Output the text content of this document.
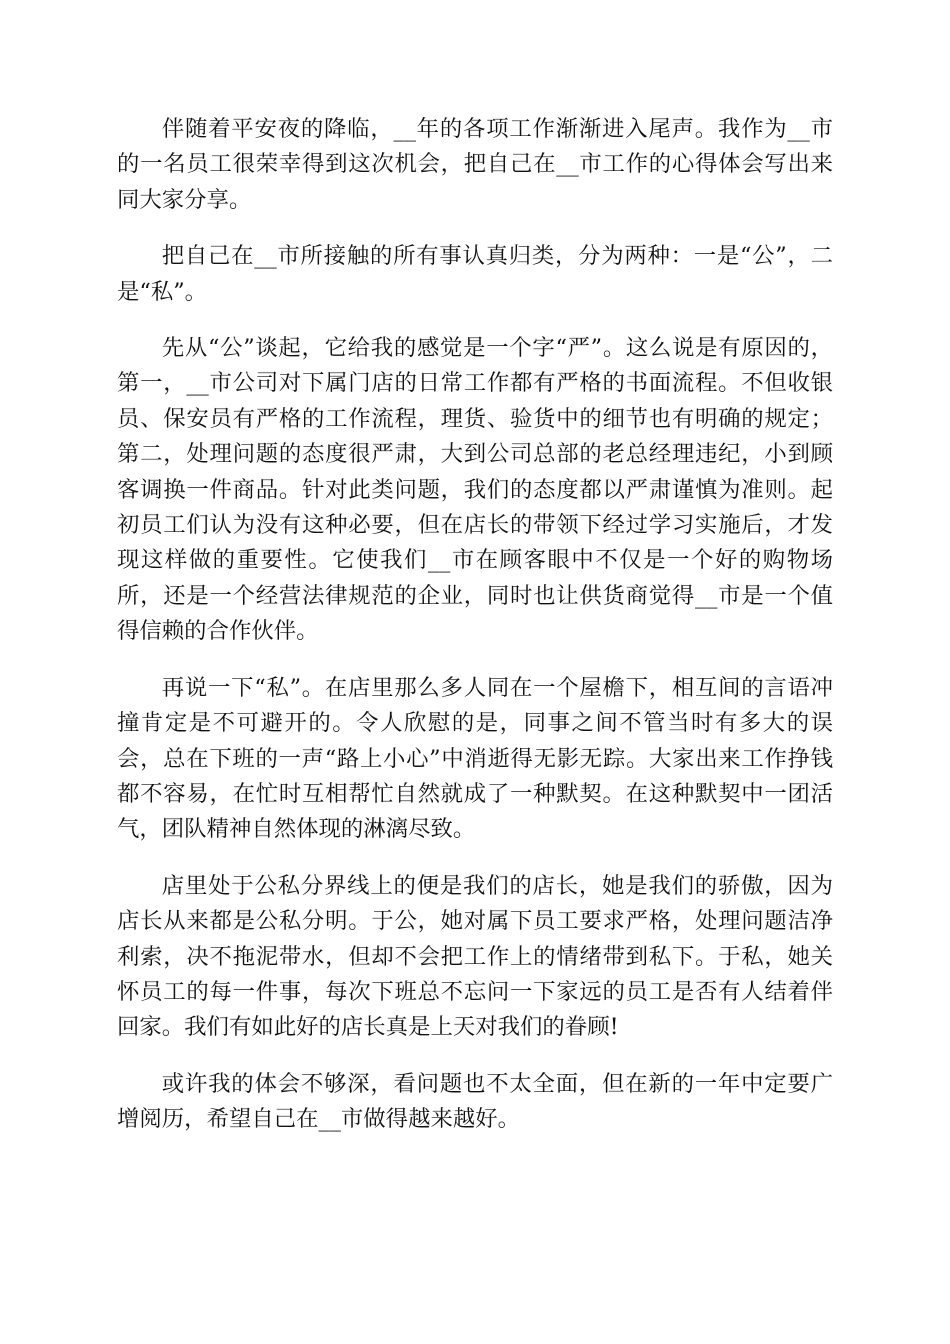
伴随着平安夜的降临，__年的各项工作渐渐进入尾声。我作为__市的一名员工很荣幸得到这次机会，把自己在__市工作的心得体会写出来同大家分享。

把自己在__市所接触的所有事认真归类，分为两种：一是“公”，二是“私”。

先从“公”谈起，它给我的感觉是一个字“严”。这么说是有原因的，第一，__市公司对下属门店的日常工作都有严格的书面流程。不但收银员、保安员有严格的工作流程，理货、验货中的细节也有明确的规定；第二，处理问题的态度很严肃，大到公司总部的老总经理违纪，小到顾客调换一件商品。针对此类问题，我们的态度都以严肃谨慎为准则。起初员工们认为没有这种必要，但在店长的带领下经过学习实施后，才发现这样做的重要性。它使我们__市在顾客眼中不仅是一个好的购物场所，还是一个经营法律规范的企业，同时也让供货商觉得__市是一个值得信赖的合作伙伴。

再说一下“私”。在店里那么多人同在一个屋檐下，相互间的言语冲撞肯定是不可避开的。令人欣慰的是，同事之间不管当时有多大的误会，总在下班的一声“路上小心”中消逝得无影无踪。大家出来工作挣钱都不容易，在忙时互相帮忙自然就成了一种默契。在这种默契中一团活气，团队精神自然体现的淋漓尽致。

店里处于公私分界线上的便是我们的店长，她是我们的骄傲，因为店长从来都是公私分明。于公，她对属下员工要求严格，处理问题洁净利索，决不拖泥带水，但却不会把工作上的情绪带到私下。于私，她关怀员工的每一件事，每次下班总不忘问一下家远的员工是否有人结着伴回家。我们有如此好的店长真是上天对我们的眷顾!

或许我的体会不够深，看问题也不太全面，但在新的一年中定要广增阅历，希望自己在__市做得越来越好。
